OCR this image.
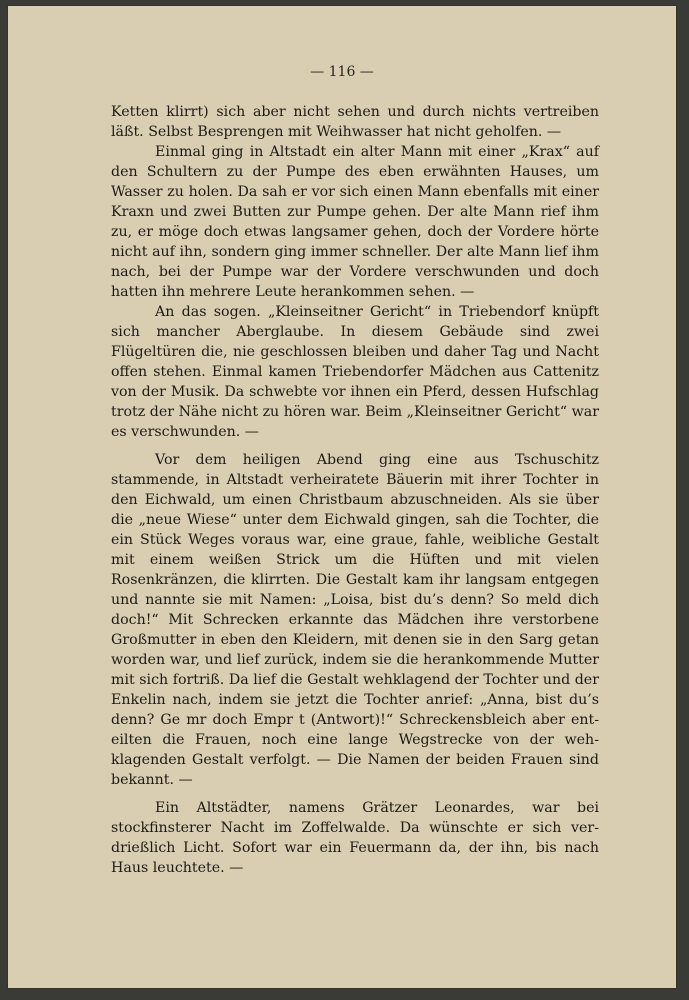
— 116 —

Ketten klirrt) sich aber nicht sehen und durch nichts vertreiben läßt. Selbst Besprengen mit Weihwasser hat nicht geholfen. —

Einmal ging in Altstadt ein alter Mann mit einer „Krax“ auf den Schultern zu der Pumpe des eben erwähnten Hauses, um Wasser zu holen. Da sah er vor sich einen Mann ebenfalls mit einer Kraxn und zwei Butten zur Pumpe gehen. Der alte Mann rief ihm zu, er möge doch etwas langsamer gehen, doch der Vordere hörte nicht auf ihn, sondern ging immer schneller. Der alte Mann lief ihm nach, bei der Pumpe war der Vordere verschwunden und doch hatten ihn mehrere Leute herankommen sehen. —

An das sogen. „Kleinseitner Gericht“ in Triebendorf knüpft sich mancher Aberglaube. In diesem Gebäude sind zwei Flügeltüren die, nie geschlossen bleiben und daher Tag und Nacht offen stehen. Einmal kamen Triebendorfer Mädchen aus Cattenitz von der Musik. Da schwebte vor ihnen ein Pferd, dessen Hufschlag trotz der Nähe nicht zu hören war. Beim „Kleinseitner Gericht“ war es verschwunden. —

Vor dem heiligen Abend ging eine aus Tschuschitz stammende, in Altstadt verheiratete Bäuerin mit ihrer Tochter in den Eichwald, um einen Christbaum abzuschneiden. Als sie über die „neue Wiese“ unter dem Eichwald gingen, sah die Tochter, die ein Stück Weges voraus war, eine graue, fahle, weibliche Gestalt mit einem weißen Strick um die Hüften und mit vielen Rosenkränzen, die klirrten. Die Gestalt kam ihr langsam entgegen und nannte sie mit Namen: „Loisa, bist du’s denn? So meld dich doch!“ Mit Schrecken erkannte das Mädchen ihre verstorbene Großmutter in eben den Kleidern, mit denen sie in den Sarg getan worden war, und lief zurück, indem sie die herankommende Mutter mit sich fortriß. Da lief die Gestalt wehklagend der Tochter und der Enkelin nach, indem sie jetzt die Tochter anrief: „Anna, bist du’s denn? Ge mr doch Empr t (Antwort)!“ Schreckensbleich aber enteilten die Frauen, noch eine lange Wegstrecke von der wehklagenden Gestalt verfolgt. — Die Namen der beiden Frauen sind bekannt. —

Ein Altstädter, namens Grätzer Leonardes, war bei stockfinsterer Nacht im Zoffelwalde. Da wünschte er sich verdrießlich Licht. Sofort war ein Feuermann da, der ihn, bis nach Haus leuchtete. —
